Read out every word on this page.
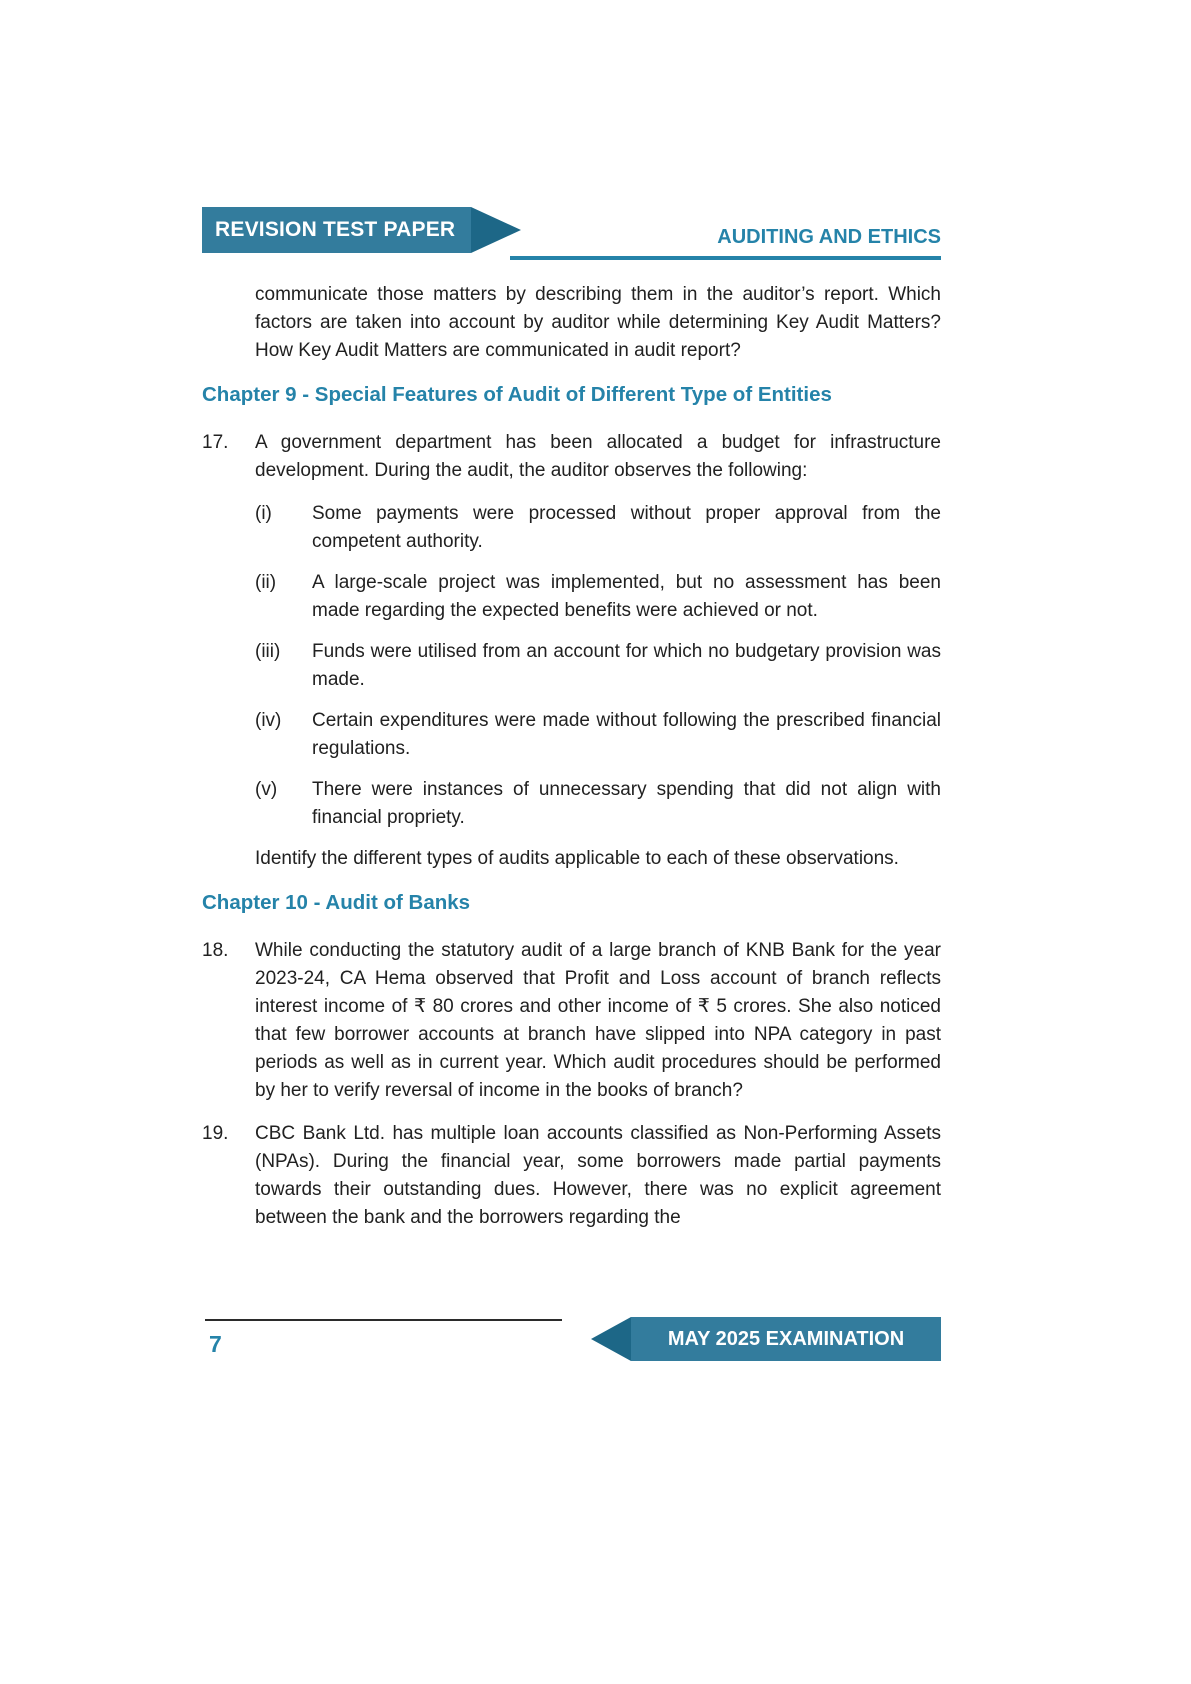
REVISION TEST PAPER	AUDITING AND ETHICS

communicate those matters by describing them in the auditor’s report. Which factors are taken into account by auditor while determining Key Audit Matters? How Key Audit Matters are communicated in audit report?

Chapter 9 - Special Features of Audit of Different Type of Entities
17.	A government department has been allocated a budget for infrastructure development. During the audit, the auditor observes the following:
(i)	Some payments were processed without proper approval from the competent authority.
(ii)	A large-scale project was implemented, but no assessment has been made regarding the expected benefits were achieved or not.
(iii)	Funds were utilised from an account for which no budgetary provision was made.
(iv)	Certain expenditures were made without following the prescribed financial regulations.
(v)	There were instances of unnecessary spending that did not align with financial propriety.

Identify the different types of audits applicable to each of these observations.

Chapter 10 - Audit of Banks
18.	While conducting the statutory audit of a large branch of KNB Bank for the year 2023-24, CA Hema observed that Profit and Loss account of branch reflects interest income of ₹ 80 crores and other income of ₹ 5 crores. She also noticed that few borrower accounts at branch have slipped into NPA category in past periods as well as in current year. Which audit procedures should be performed by her to verify reversal of income in the books of branch?
19.	CBC Bank Ltd. has multiple loan accounts classified as Non-Performing Assets (NPAs). During the financial year, some borrowers made partial payments towards their outstanding dues. However, there was no explicit agreement between the bank and the borrowers regarding the
7	MAY 2025 EXAMINATION
